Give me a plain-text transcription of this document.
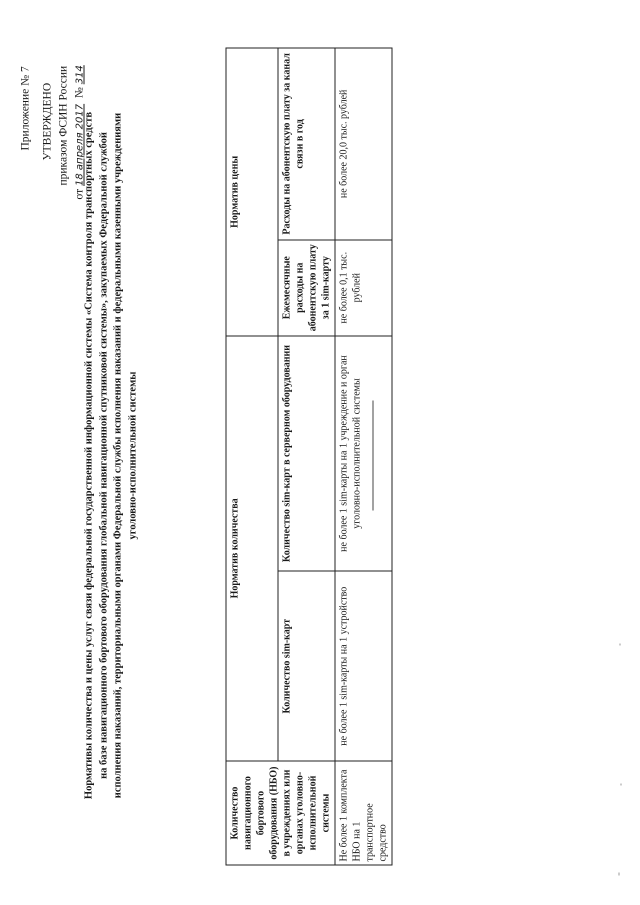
Приложение № 7 УТВЕРЖДЕНО приказом ФСИН России
от 18 апреля 2017  № 314
Нормативы количества и цены услуг связи федеральной государственной информационной системы «Система контроля транспортных средств на базе навигационного бортового оборудования глобальной навигационной спутниковой системы», закупаемых Федеральной службой исполнения наказаний, территориальными органами Федеральной службы исполнения наказаний и федеральными казенными учреждениями уголовно-исполнительной системы
Количество навигационного бортового оборудования (НБО) в учреждениях или органах уголовно-исполнительной системы	Норматив количества		Норматив цены	
	Количество sim-карт	Количество sim-карт в серверном оборудовании	Ежемесячные расходы на абонентскую плату за 1 sim-карту	Расходы на абонентскую плату за канал связи в год
Не более 1 комплекта НБО на 1 транспортное средство	не более 1 sim-карты на 1 устройство	не более 1 sim-карты на 1 учреждение и орган уголовно-исполнительной системы	не более 0,1 тыс. рублей	не более 20,0 тыс. рублей
